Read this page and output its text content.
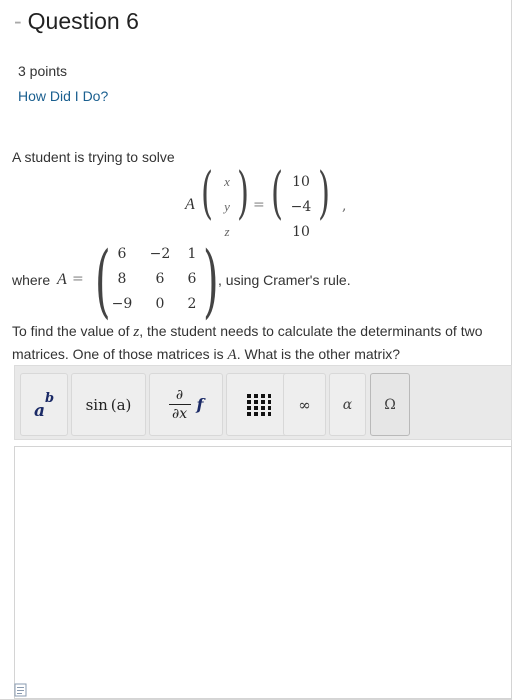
- Question 6
3 points
How Did I Do?
A student is trying to solve
A ( x
y
z
) = ( 10
−4
10
) ,
where A = ( 6	−2 1
8	6	6
−9	0	2 ) , using Cramer's rule.
To find the value of z, the student needs to calculate the determinants of two
matrices. One of those matrices is A. What is the other matrix?
a
b sin (a)
∂
∂x f	∞ α Ω
